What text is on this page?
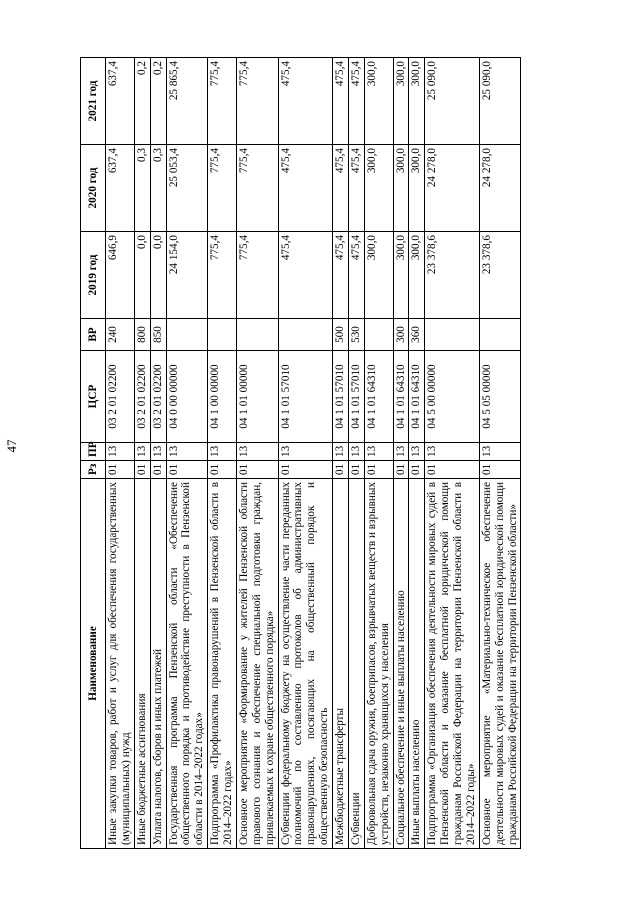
47
Наименование	Рз	ПР	ЦСР	ВР	2019 год	2020 год	2021 год
Иные закупки товаров, работ и услуг для обеспечения государственных (муниципальных) нужд	01	13	03 2 01 02200	240	646,9	637,4	637,4
Иные бюджетные ассигнования	01	13	03 2 01 02200	800	0,0	0,3	0,2
Уплата налогов, сборов и иных платежей	01	13	03 2 01 02200	850	0,0	0,3	0,2
Государственная программа Пензенской области «Обеспечение общественного порядка и противодействие преступности в Пензенской области в 2014–2022 годах»	01	13	04 0 00 00000		24 154,0	25 053,4	25 865,4
Подпрограмма «Профилактика правонарушений в Пензенской области в 2014–2022 годах»	01	13	04 1 00 00000		775,4	775,4	775,4
Основное мероприятие «Формирование у жителей Пензенской области правового сознания и обеспечение специальной подготовки граждан, привлекаемых к охране общественного порядка»	01	13	04 1 01 00000		775,4	775,4	775,4
Субвенции федеральному бюджету на осуществление части переданных полномочий по составлению протоколов об административных правонарушениях, посягающих на общественный порядок и общественную безопасность	01	13	04 1 01 57010		475,4	475,4	475,4
Межбюджетные трансферты	01	13	04 1 01 57010	500	475,4	475,4	475,4
Субвенции	01	13	04 1 01 57010	530	475,4	475,4	475,4
Добровольная сдача оружия, боеприпасов, взрывчатых веществ и взрывных устройств, незаконно хранящихся у населения	01	13	04 1 01 64310		300,0	300,0	300,0
Социальное обеспечение и иные выплаты населению	01	13	04 1 01 64310	300	300,0	300,0	300,0
Иные выплаты населению	01	13	04 1 01 64310	360	300,0	300,0	300,0
Подпрограмма «Организация обеспечения деятельности мировых судей в Пензенской области и оказание бесплатной юридической помощи гражданам Российской Федерации на территории Пензенской области в 2014–2022 годы»	01	13	04 5 00 00000		23 378,6	24 278,0	25 090,0
Основное мероприятие «Материально-техническое обеспечение деятельности мировых судей и оказание бесплатной юридической помощи гражданам Российской Федерации на территории Пензенской области»	01	13	04 5 05 00000		23 378,6	24 278,0	25 090,0
